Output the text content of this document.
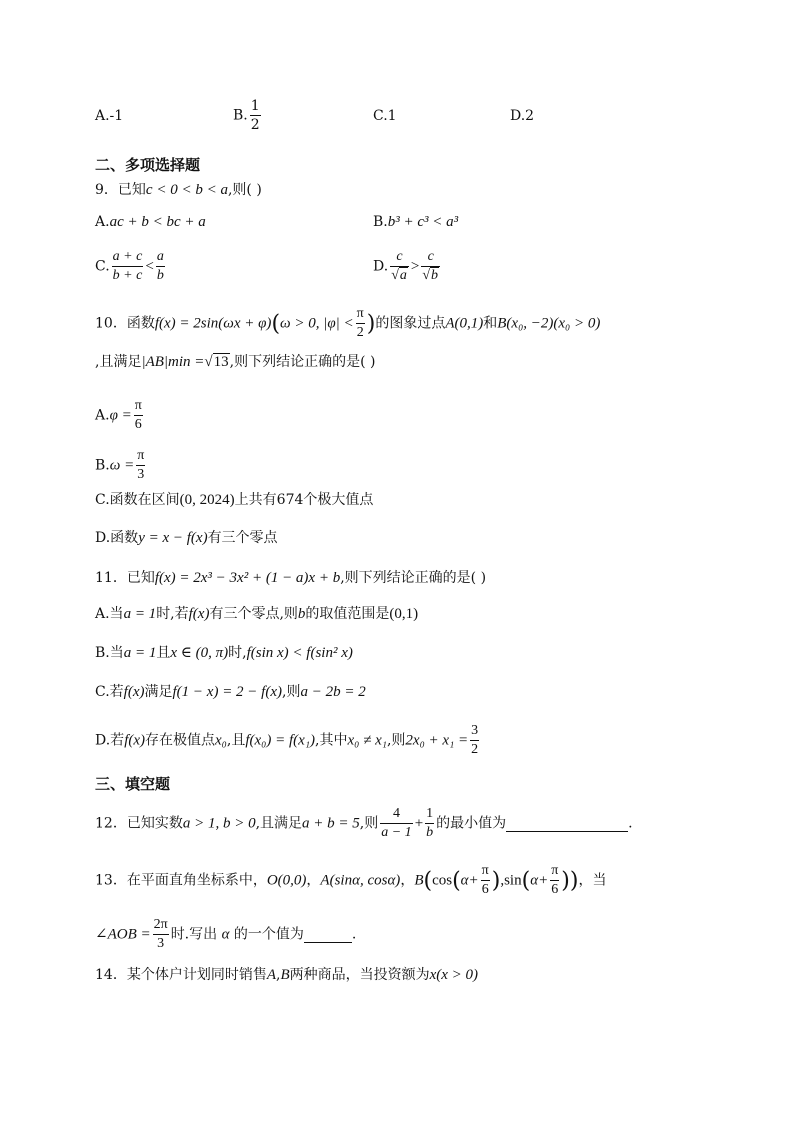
A.-1	B. $\frac{1}{2}$	C.1	D.2
二、多项选择题
9．已知c < 0 < b < a,则( )
A.ac + b < bc + a	B.b³ + c³ < a³
C. $\frac{a + c}{b + c} < \frac{a}{b}$	D. $\frac{c}{√a} > \frac{c}{√b}$
10．函数f(x) = 2sin(ωx + φ)(ω > 0, $|\varphi| < \frac{\pi}{2}$ )的图象过点A(0,1)和B(x₀, −2)(x₀ > 0)
,且满足|AB|min =√13,则下列结论正确的是( )
$A.\varphi = \frac{\pi}{6}$
$B.\omega = \frac{\pi}{3}$
C.函数在区间(0, 2024)上共有674个极大值点
D.函数y = x − f(x)有三个零点
11．已知f(x) = 2x³ − 3x² + (1 − a)x + b,则下列结论正确的是( )
A.当a = 1时,若f(x)有三个零点,则b的取值范围是(0,1)
B.当a = 1且x ∈ (0, π)时,f(sin x) < f(sin² x)
C.若f(x)满足f(1 − x) = 2 − f(x),则a − 2b = 2
D.若f(x)存在极值点x₀,且f(x₀) = f(x₁),其中x₀ ≠ x₁,则$2x_0 + x_1 = \frac{3}{2}$
三、填空题
12．已知实数a > 1, b > 0,且满足a + b = 5,则 $\frac{4}{a - 1} + \frac{1}{b}$ 的最小值为	.
13．在平面直角坐标系中，O(0,0)，A(sinα, cosα)，$B(\cos(\alpha+ \frac{\pi}{6} ),\sin(\alpha+ \frac{\pi}{6}$ ))，当
∠AOB = $\frac{2\pi}{3}$ 时.写出 α 的一个值为	.
14．某个体户计划同时销售A,B两种商品，当投资额为x(x > 0)
